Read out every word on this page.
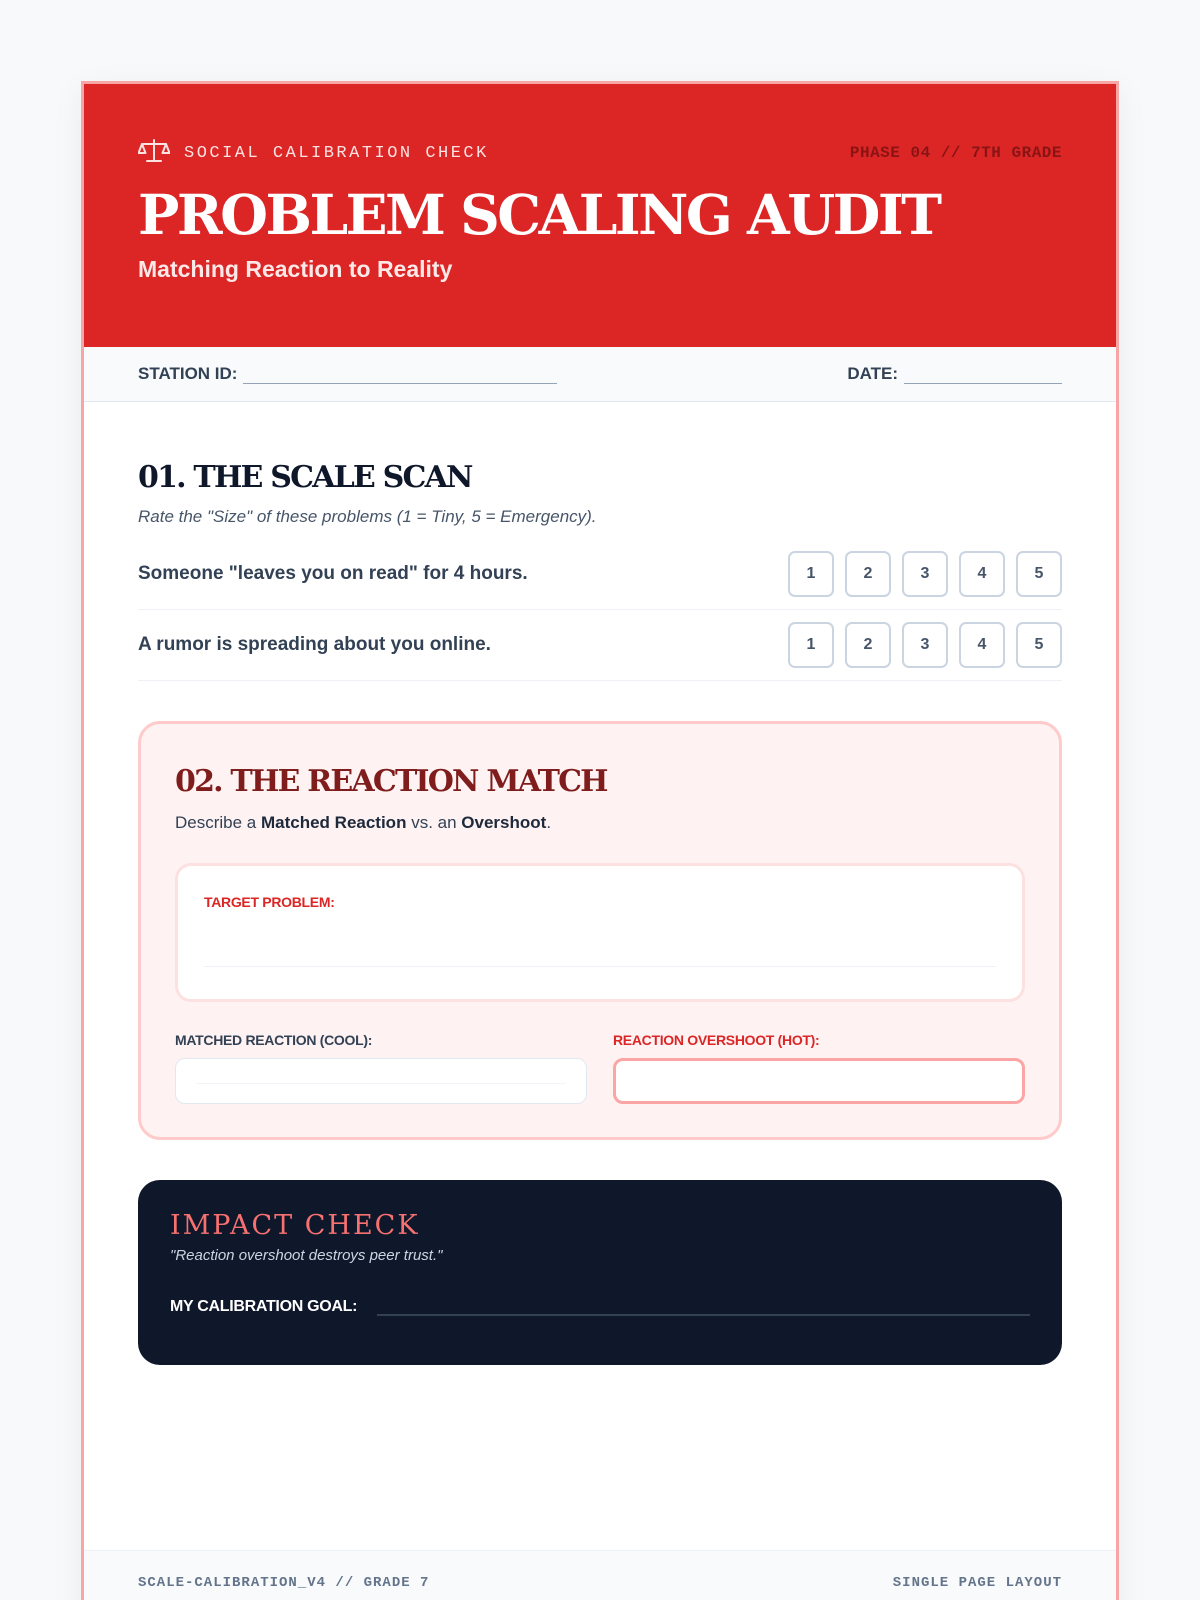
SOCIAL CALIBRATION CHECK	PHASE 04 // 7TH GRADE
PROBLEM SCALING AUDIT
Matching Reaction to Reality
STATION ID:	DATE:
01. THE SCALE SCAN

Rate the "Size" of these problems (1 = Tiny, 5 = Emergency).

Someone "leaves you on read" for 4 hours.	1	2	3	4	5
A rumor is spreading about you online.	1	2	3	4	5
02. THE REACTION MATCH

Describe a Matched Reaction vs. an Overshoot.

TARGET PROBLEM:
MATCHED REACTION (COOL):	REACTION OVERSHOOT (HOT):
IMPACT CHECK
"Reaction overshoot destroys peer trust."
MY CALIBRATION GOAL:
SCALE-CALIBRATION_V4 // GRADE 7	SINGLE PAGE LAYOUT
